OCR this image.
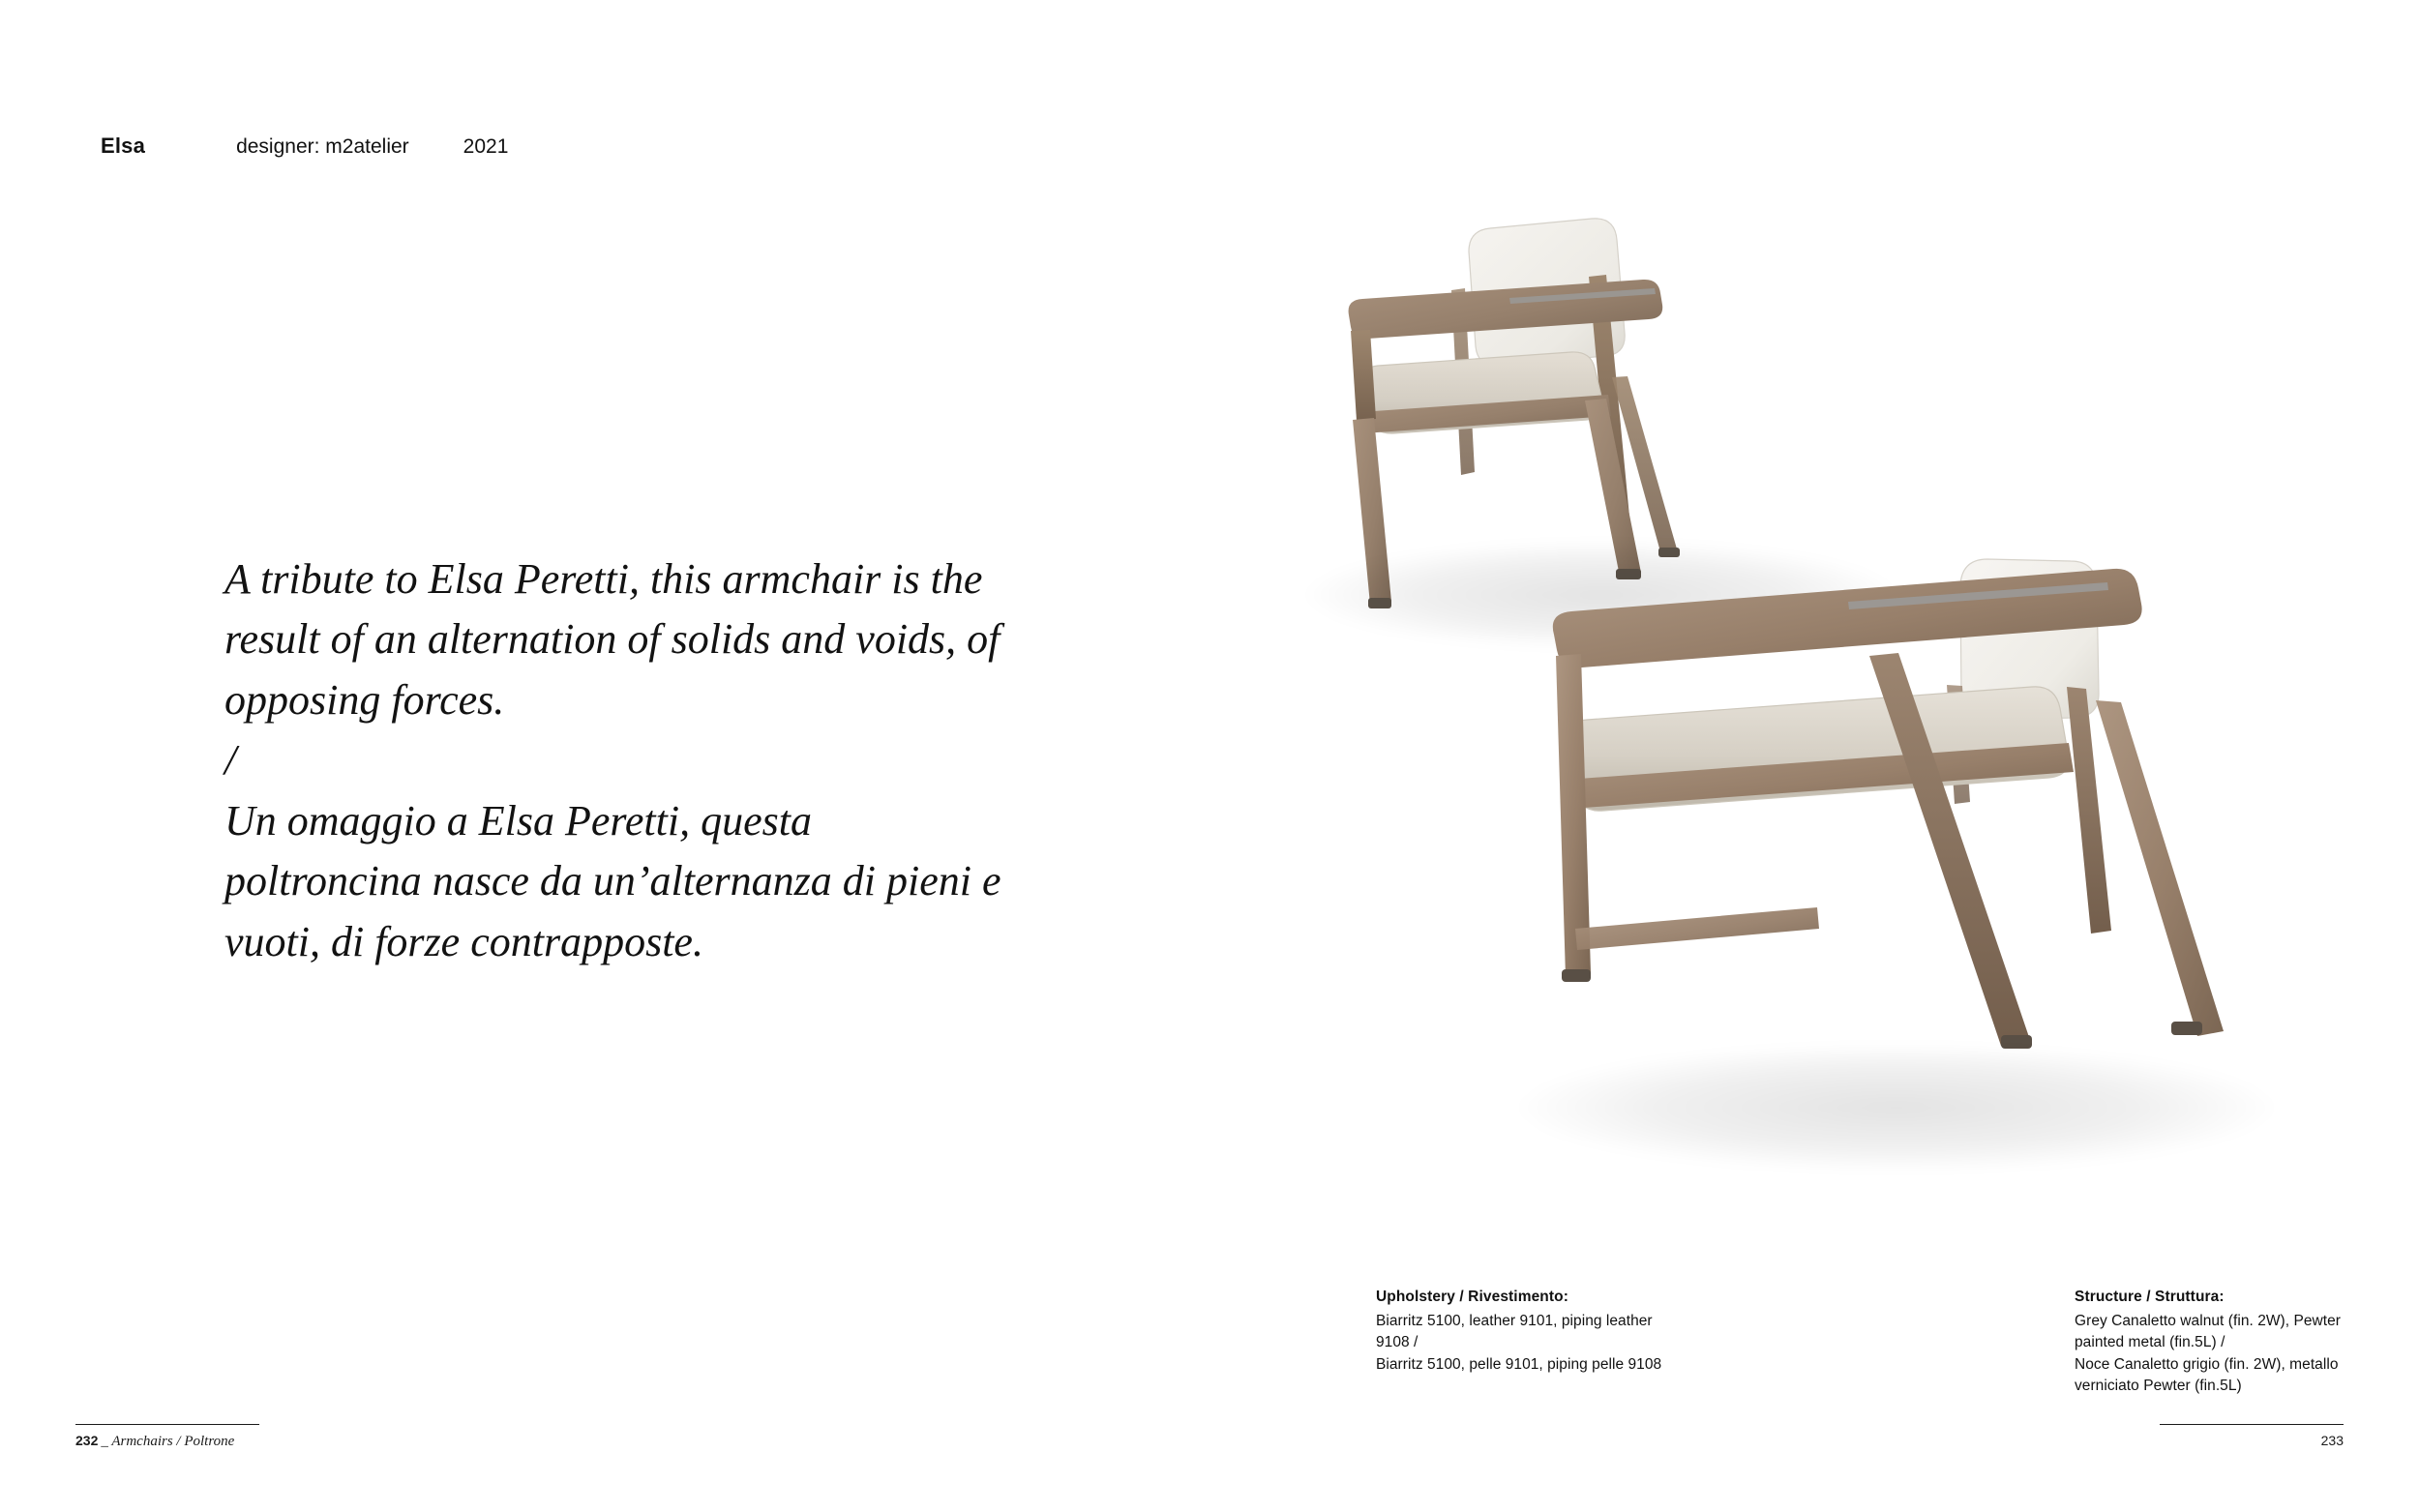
Elsa	designer: m2atelier	2021

A tribute to Elsa Peretti, this armchair is the result of an alternation of solids and voids, of opposing forces.

/

Un omaggio a Elsa Peretti, questa poltroncina nasce da un’alternanza di pieni e vuoti, di forze contrapposte.

Upholstery / Rivestimento:
Biarritz 5100, leather 9101, piping leather 9108 /
Biarritz 5100, pelle 9101, piping pelle 9108
Structure / Struttura:
Grey Canaletto walnut (fin. 2W), Pewter painted metal (fin.5L) /
Noce Canaletto grigio (fin. 2W), metallo verniciato Pewter (fin.5L)
232 _ Armchairs / Poltrone	233
